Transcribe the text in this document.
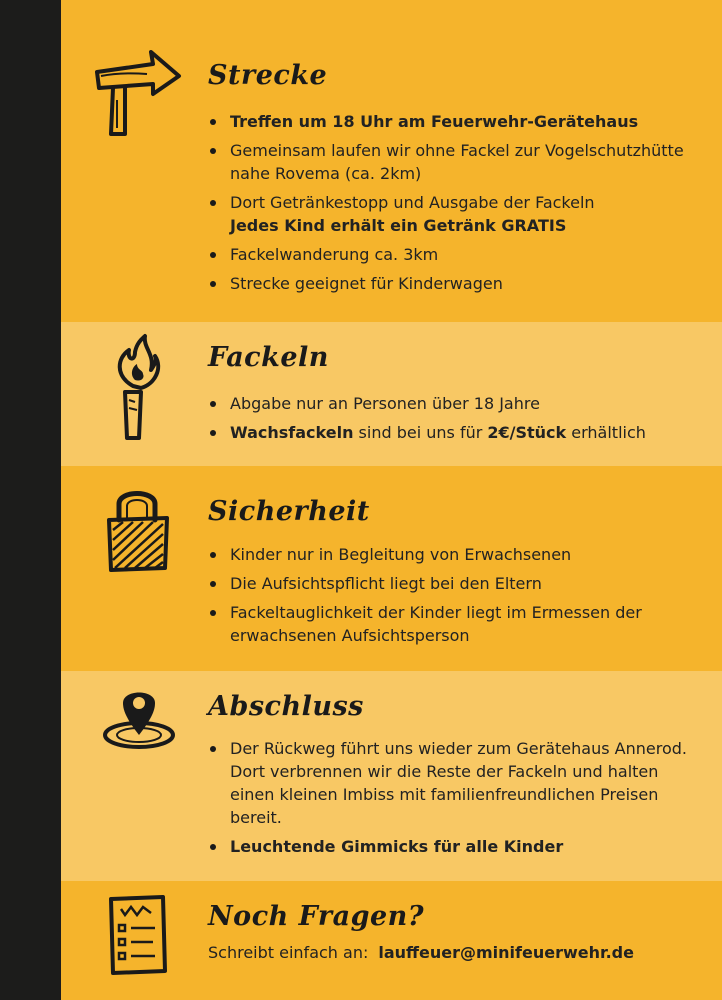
Strecke
Treffen um 18 Uhr am Feuerwehr-Gerätehaus
Gemeinsam laufen wir ohne Fackel zur Vogelschutzhütte nahe Rovema (ca. 2km)
Dort Getränkestopp und Ausgabe der Fackeln
Jedes Kind erhält ein Getränk GRATIS
Fackelwanderung ca. 3km
Strecke geeignet für Kinderwagen
Fackeln
Abgabe nur an Personen über 18 Jahre
Wachsfackeln sind bei uns für 2€/Stück erhältlich
Sicherheit
Kinder nur in Begleitung von Erwachsenen
Die Aufsichtspflicht liegt bei den Eltern
Fackeltauglichkeit der Kinder liegt im Ermessen der erwachsenen Aufsichtsperson
Abschluss
Der Rückweg führt uns wieder zum Gerätehaus Annerod. Dort verbrennen wir die Reste der Fackeln und halten einen kleinen Imbiss mit familienfreundlichen Preisen bereit.
Leuchtende Gimmicks für alle Kinder
Noch Fragen?
Schreibt einfach an: lauffeuer@minifeuerwehr.de
